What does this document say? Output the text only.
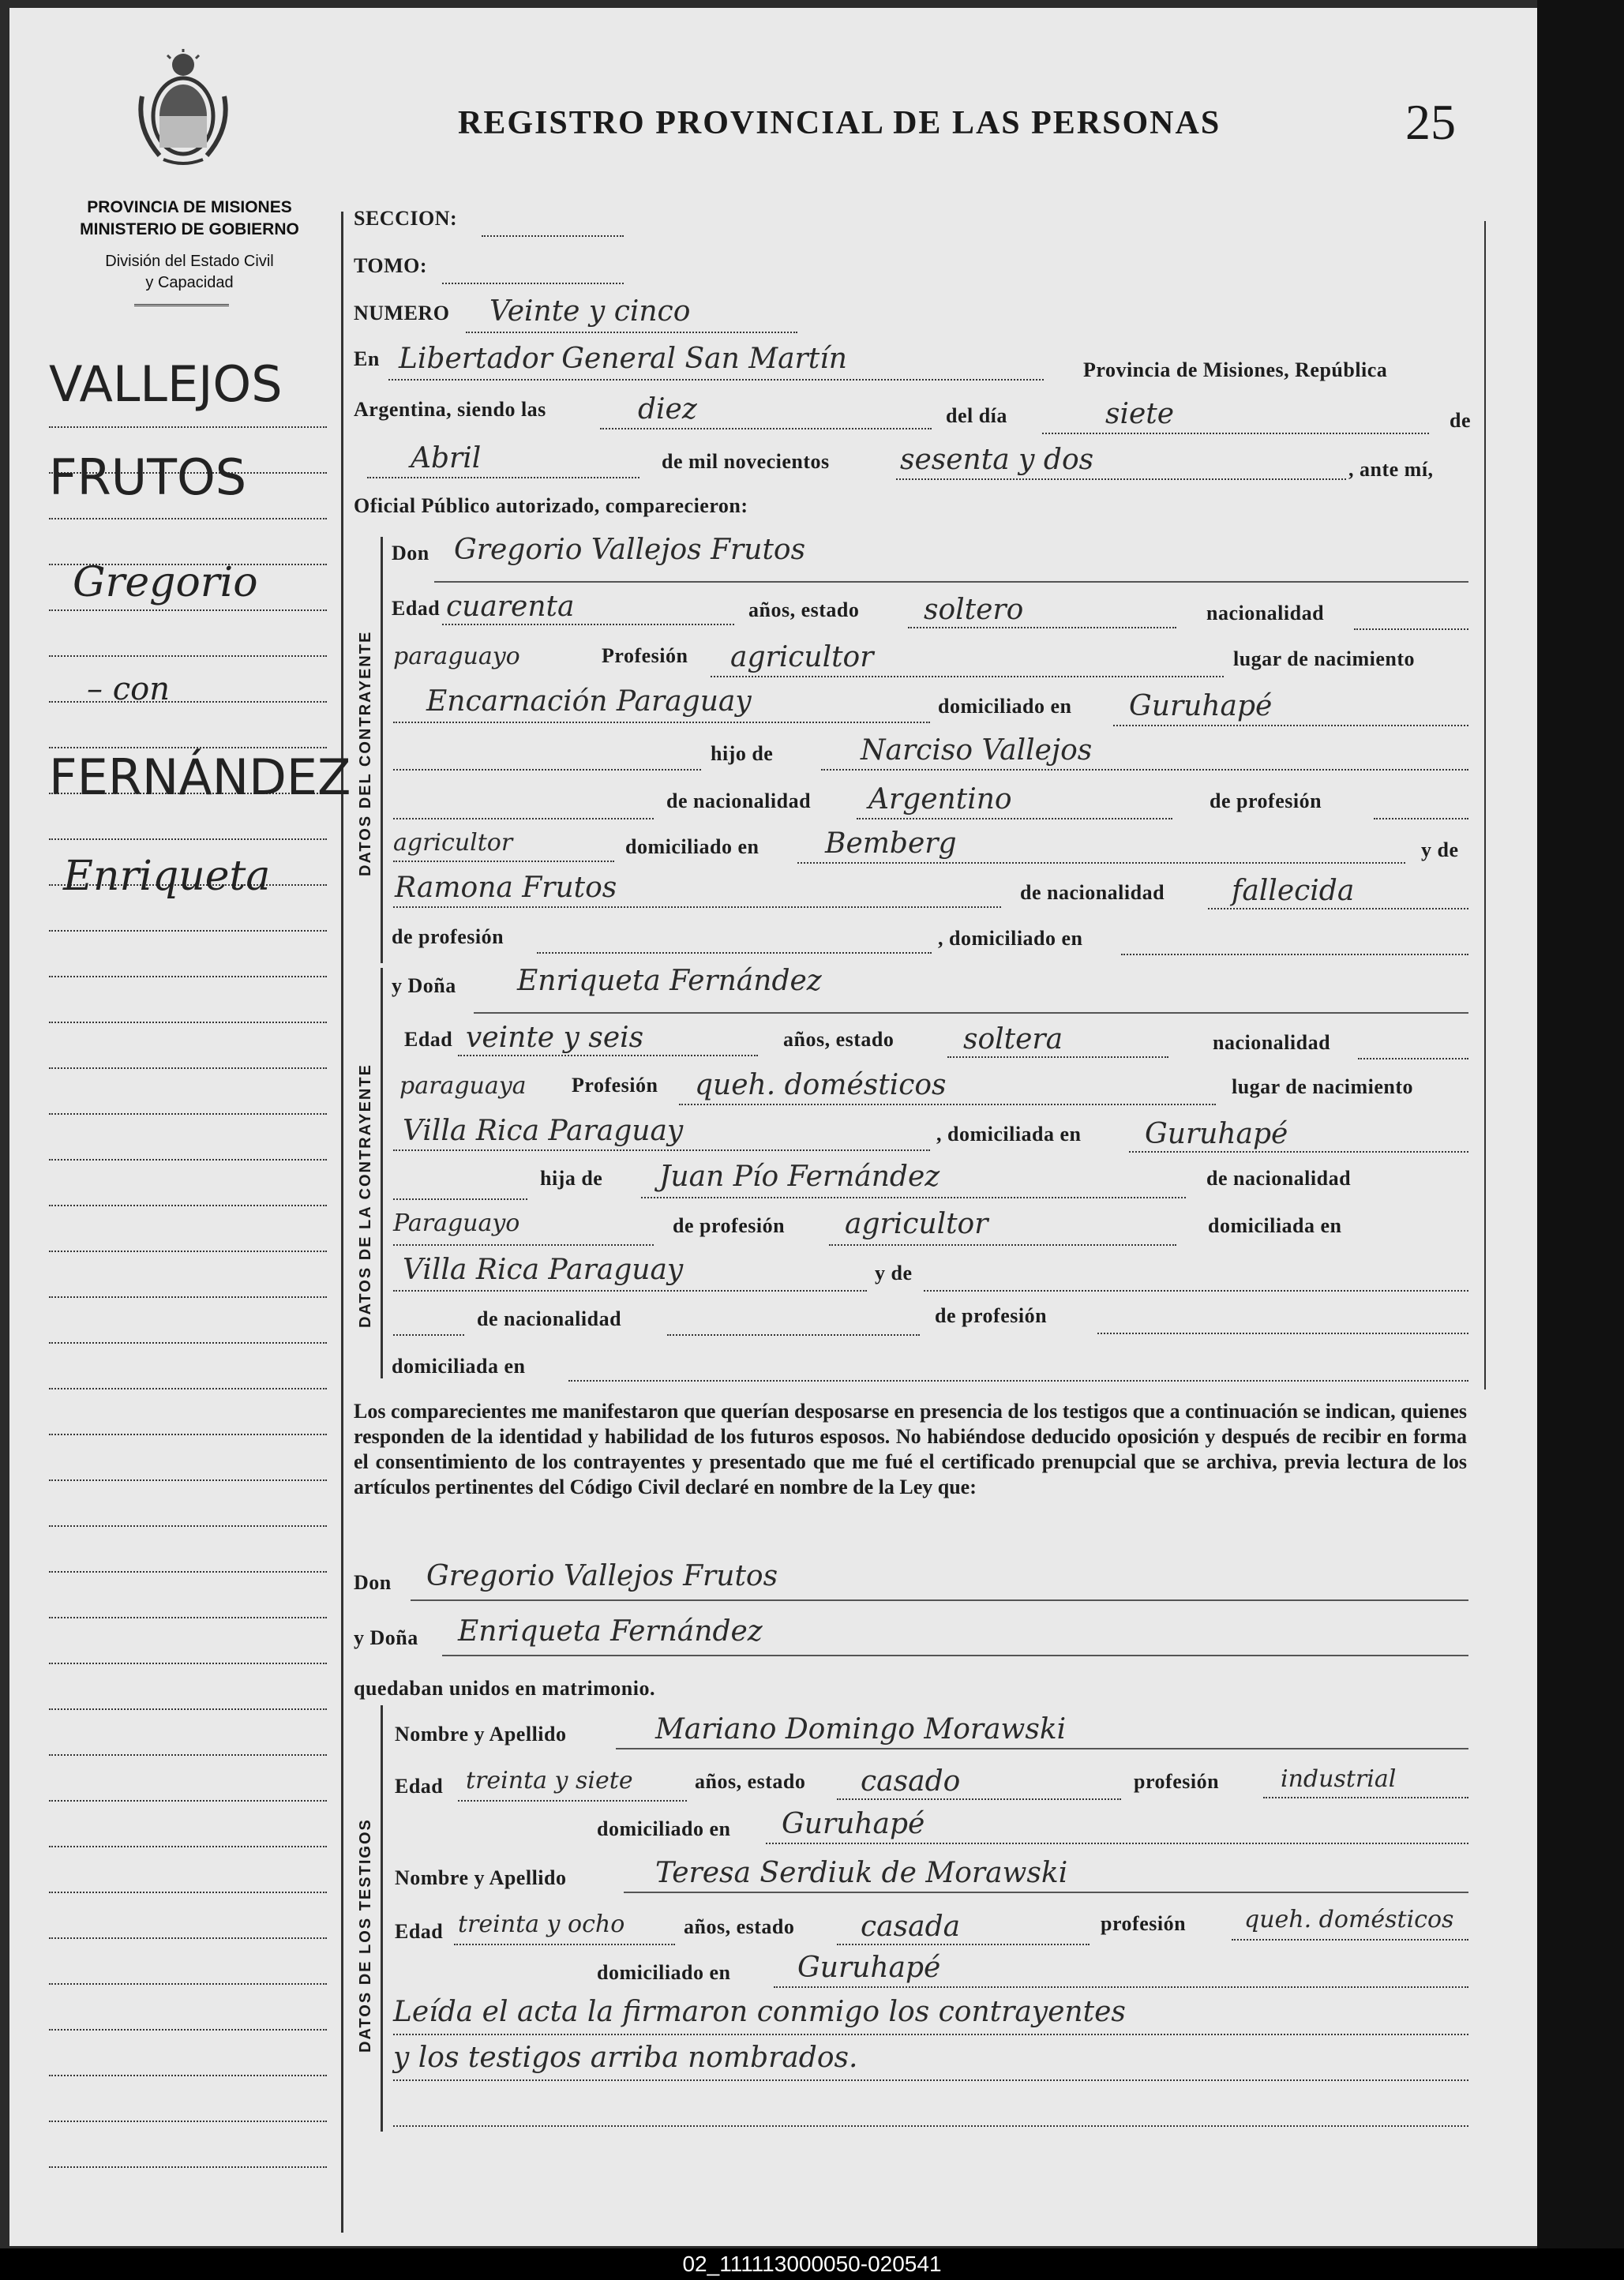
PROVINCIA DE MISIONES
MINISTERIO DE GOBIERNO
División del Estado Civil
y Capacidad
REGISTRO PROVINCIAL DE LAS PERSONAS	25
VALLEJOS
FRUTOS
Gregorio
– con
FERNÁNDEZ
Enriqueta
SECCION:
TOMO:
NUMERO Veinte y cinco
En Libertador General San Martín	Provincia de Misiones, República
Argentina, siendo las	diez	del día	siete	de
Abril	de mil novecientos sesenta y dos	, ante mí,
Oficial Público autorizado, comparecieron:
DATOS DEL CONTRAYENTE
Don Gregorio Vallejos Frutos
Edad cuarenta	años, estado soltero	nacionalidad
paraguayo	Profesión agricultor	lugar de nacimiento
Encarnación Paraguay	domiciliado en Guruhapé
hijo de	Narciso Vallejos
de nacionalidad Argentino	de profesión
agricultor	domiciliado en Bemberg	y de
Ramona Frutos	de nacionalidad fallecida
de profesión	, domiciliado en
DATOS DE LA CONTRAYENTE
y Doña Enriqueta Fernández
Edad veinte y seis	años, estado soltera	nacionalidad
paraguaya Profesión queh. domésticos	lugar de nacimiento
Villa Rica Paraguay	, domiciliada en Guruhapé
hija de Juan Pío Fernández	de nacionalidad
Paraguayo	de profesión agricultor	domiciliada en
Villa Rica Paraguay	y de
de nacionalidad	de profesión
domiciliada en
Los comparecientes me manifestaron que querían desposarse en presencia de los testigos que a continuación se indican, quienes responden de la identidad y habilidad de los futuros esposos. No habiéndose deducido oposición y después de recibir en forma el consentimiento de los contrayentes y presentado que me fué el certificado prenupcial que se archiva, previa lectura de los artículos pertinentes del Código Civil declaré en nombre de la Ley que:
Don Gregorio Vallejos Frutos
y Doña Enriqueta Fernández
quedaban unidos en matrimonio.
DATOS DE LOS TESTIGOS
Nombre y Apellido	Mariano Domingo Morawski
Edad treinta y siete	años, estado casado	profesión	industrial
domiciliado en Guruhapé
Nombre y Apellido	Teresa Serdiuk de Morawski
Edad treinta y ocho	años, estado casada	profesión queh. domésticos
domiciliado en Guruhapé
Leída el acta la firmaron conmigo los contrayentes
y los testigos arriba nombrados.
02_111113000050-020541
